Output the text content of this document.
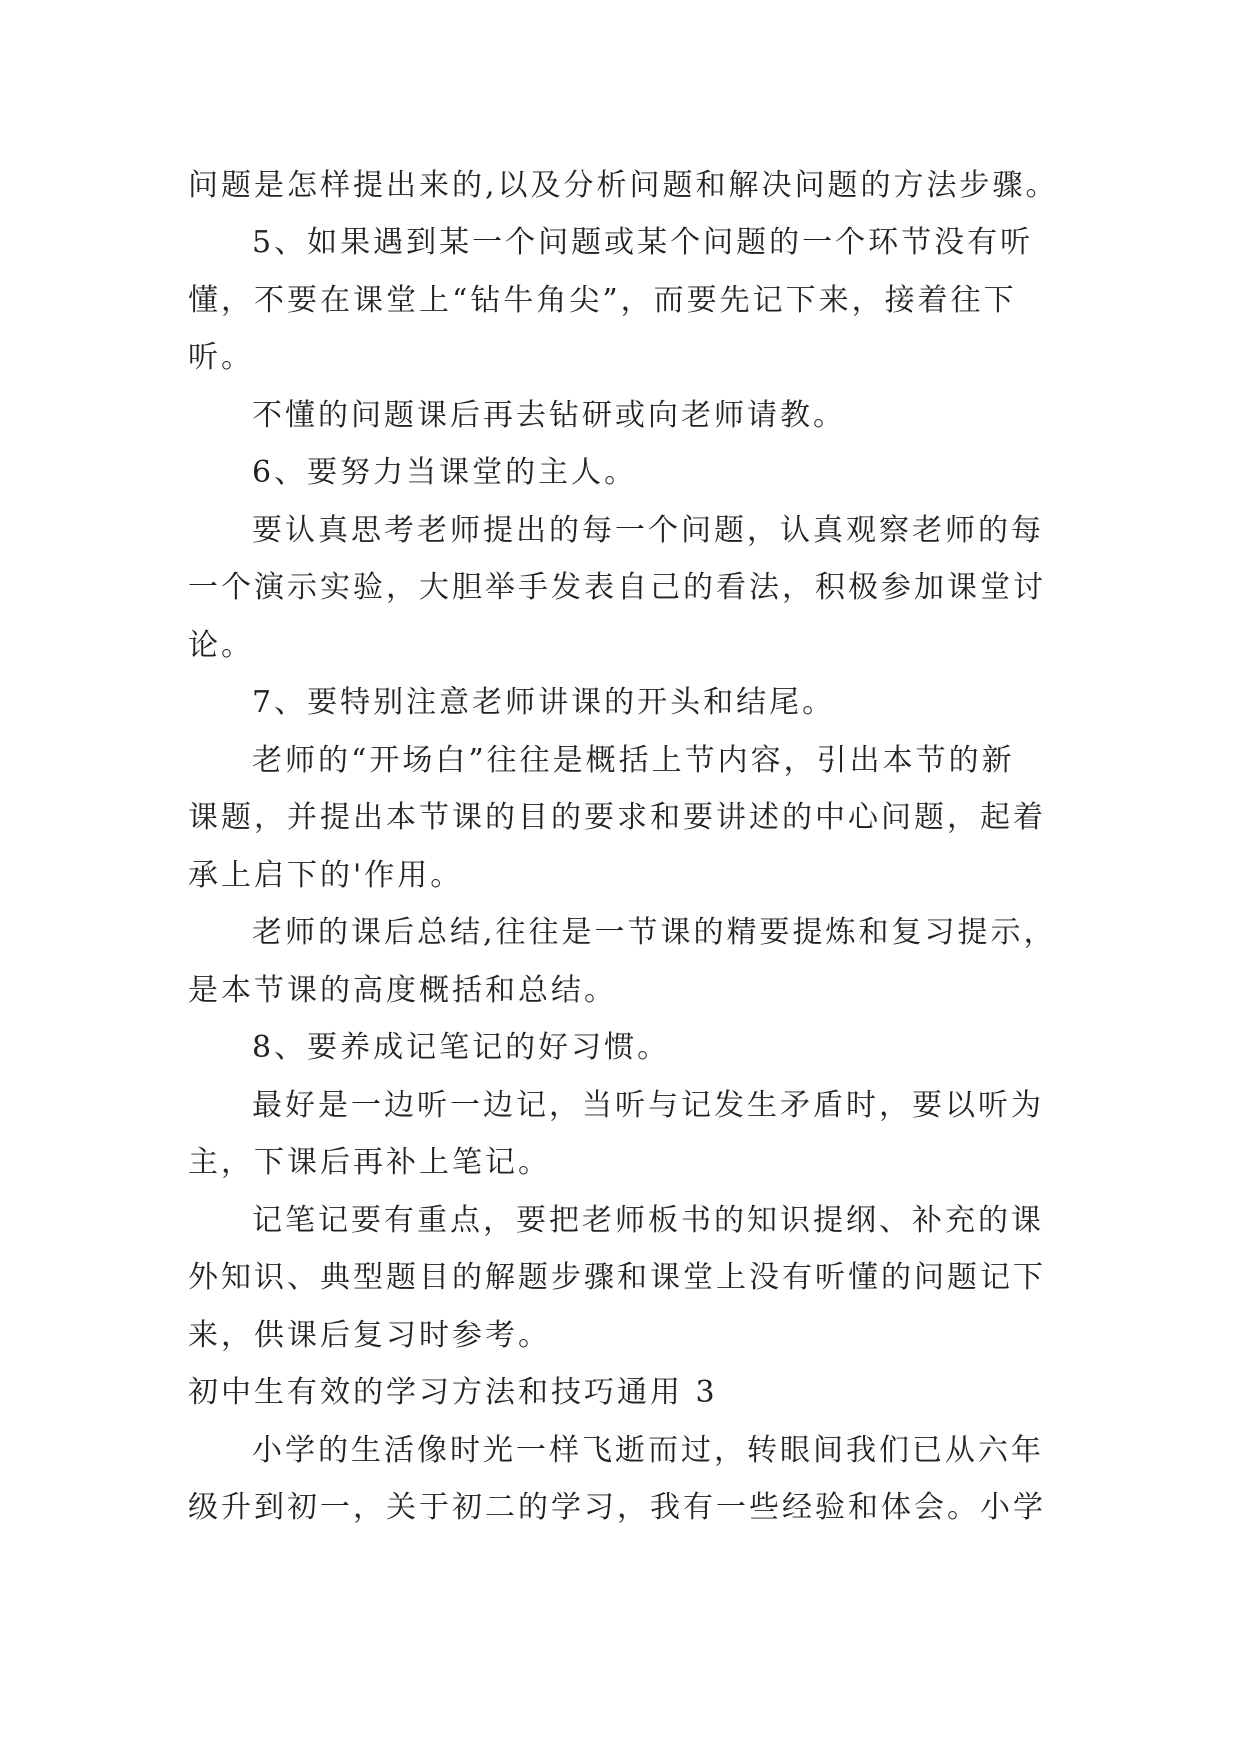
问题是怎样提出来的,以及分析问题和解决问题的方法步骤。
5、如果遇到某一个问题或某个问题的一个环节没有听
懂，不要在课堂上“钻牛角尖”，而要先记下来，接着往下
听。
不懂的问题课后再去钻研或向老师请教。
6、要努力当课堂的主人。
要认真思考老师提出的每一个问题，认真观察老师的每
一个演示实验，大胆举手发表自己的看法，积极参加课堂讨
论。
7、要特别注意老师讲课的开头和结尾。
老师的“开场白”往往是概括上节内容，引出本节的新
课题，并提出本节课的目的要求和要讲述的中心问题，起着
承上启下的'作用。
老师的课后总结,往往是一节课的精要提炼和复习提示，
是本节课的高度概括和总结。
8、要养成记笔记的好习惯。
最好是一边听一边记，当听与记发生矛盾时，要以听为
主，下课后再补上笔记。
记笔记要有重点，要把老师板书的知识提纲、补充的课
外知识、典型题目的解题步骤和课堂上没有听懂的问题记下
来，供课后复习时参考。
初中生有效的学习方法和技巧通用 3
小学的生活像时光一样飞逝而过，转眼间我们已从六年
级升到初一，关于初二的学习，我有一些经验和体会。小学
